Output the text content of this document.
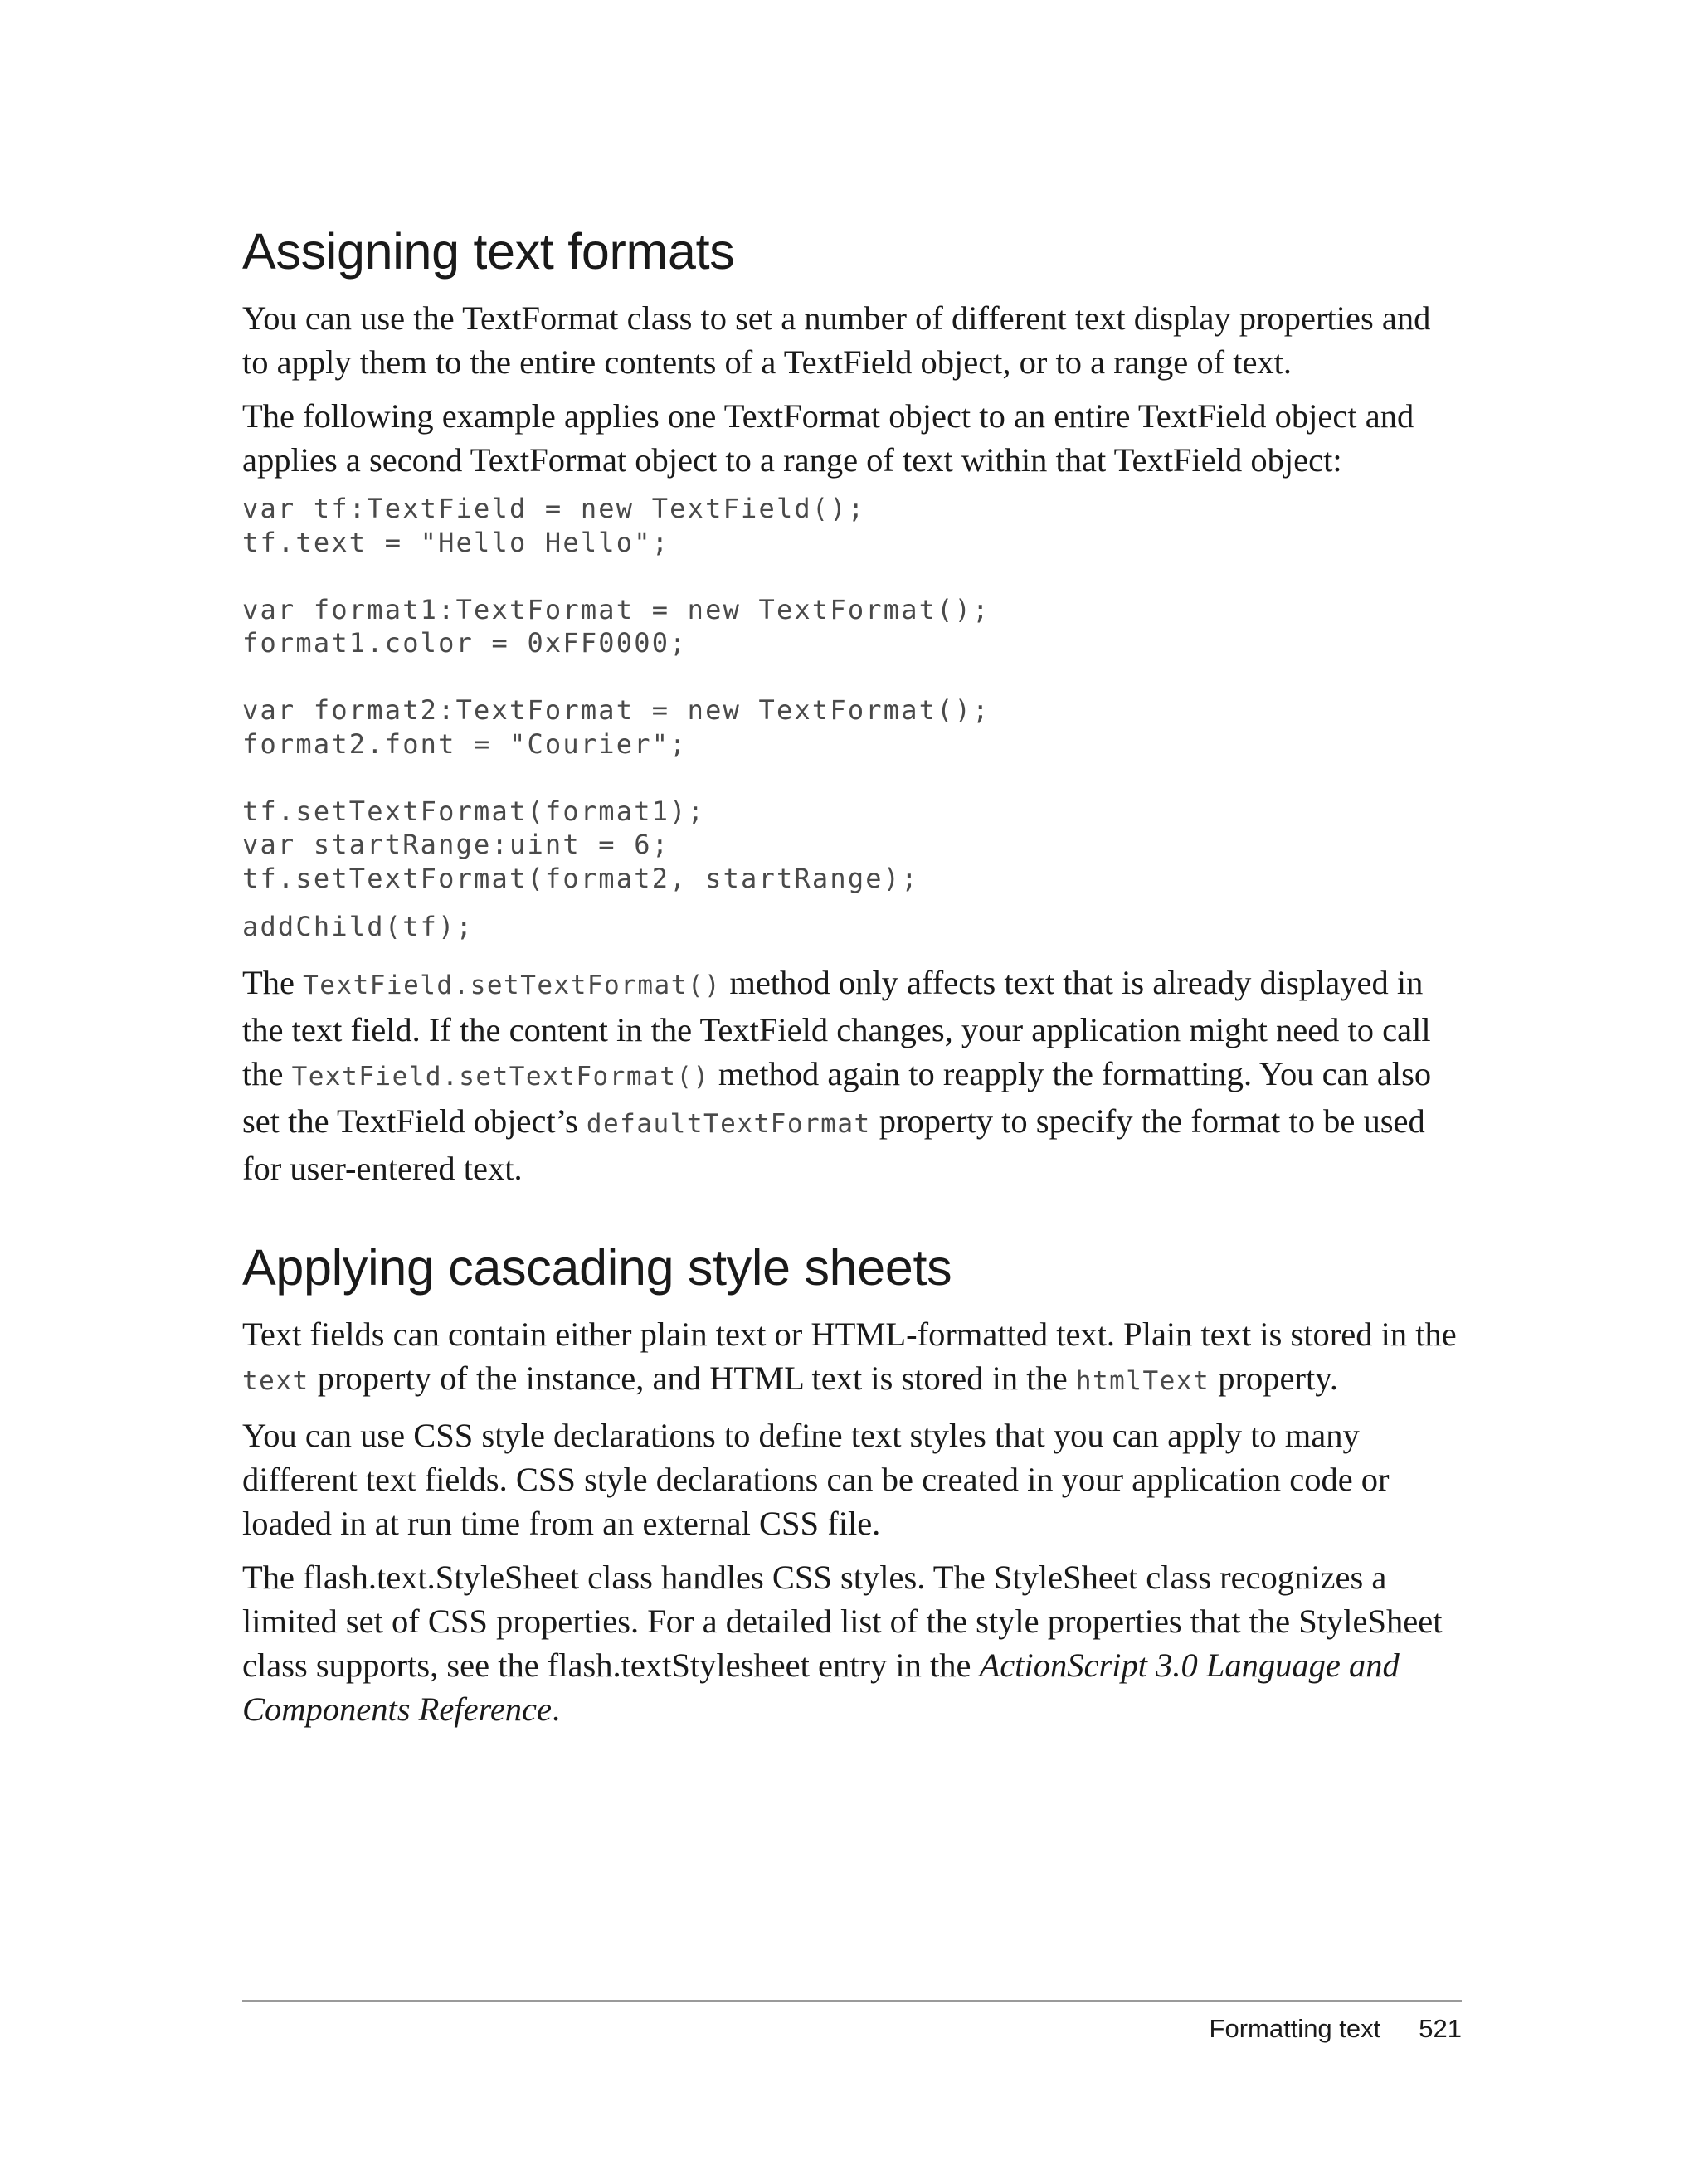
Assigning text formats

You can use the TextFormat class to set a number of different text display properties and to apply them to the entire contents of a TextField object, or to a range of text.

The following example applies one TextFormat object to an entire TextField object and applies a second TextFormat object to a range of text within that TextField object:

var tf:TextField = new TextField();
tf.text = "Hello Hello";

var format1:TextFormat = new TextFormat();
format1.color = 0xFF0000;

var format2:TextFormat = new TextFormat();
format2.font = "Courier";

tf.setTextFormat(format1);
var startRange:uint = 6;
tf.setTextFormat(format2, startRange);
addChild(tf);

The TextField.setTextFormat() method only affects text that is already displayed in the text field. If the content in the TextField changes, your application might need to call the TextField.setTextFormat() method again to reapply the formatting. You can also set the TextField object’s defaultTextFormat property to specify the format to be used for user-entered text.

Applying cascading style sheets

Text fields can contain either plain text or HTML-formatted text. Plain text is stored in the text property of the instance, and HTML text is stored in the htmlText property.

You can use CSS style declarations to define text styles that you can apply to many different text fields. CSS style declarations can be created in your application code or loaded in at run time from an external CSS file.

The flash.text.StyleSheet class handles CSS styles. The StyleSheet class recognizes a limited set of CSS properties. For a detailed list of the style properties that the StyleSheet class supports, see the flash.textStylesheet entry in the ActionScript 3.0 Language and Components Reference.

Formatting text 521
